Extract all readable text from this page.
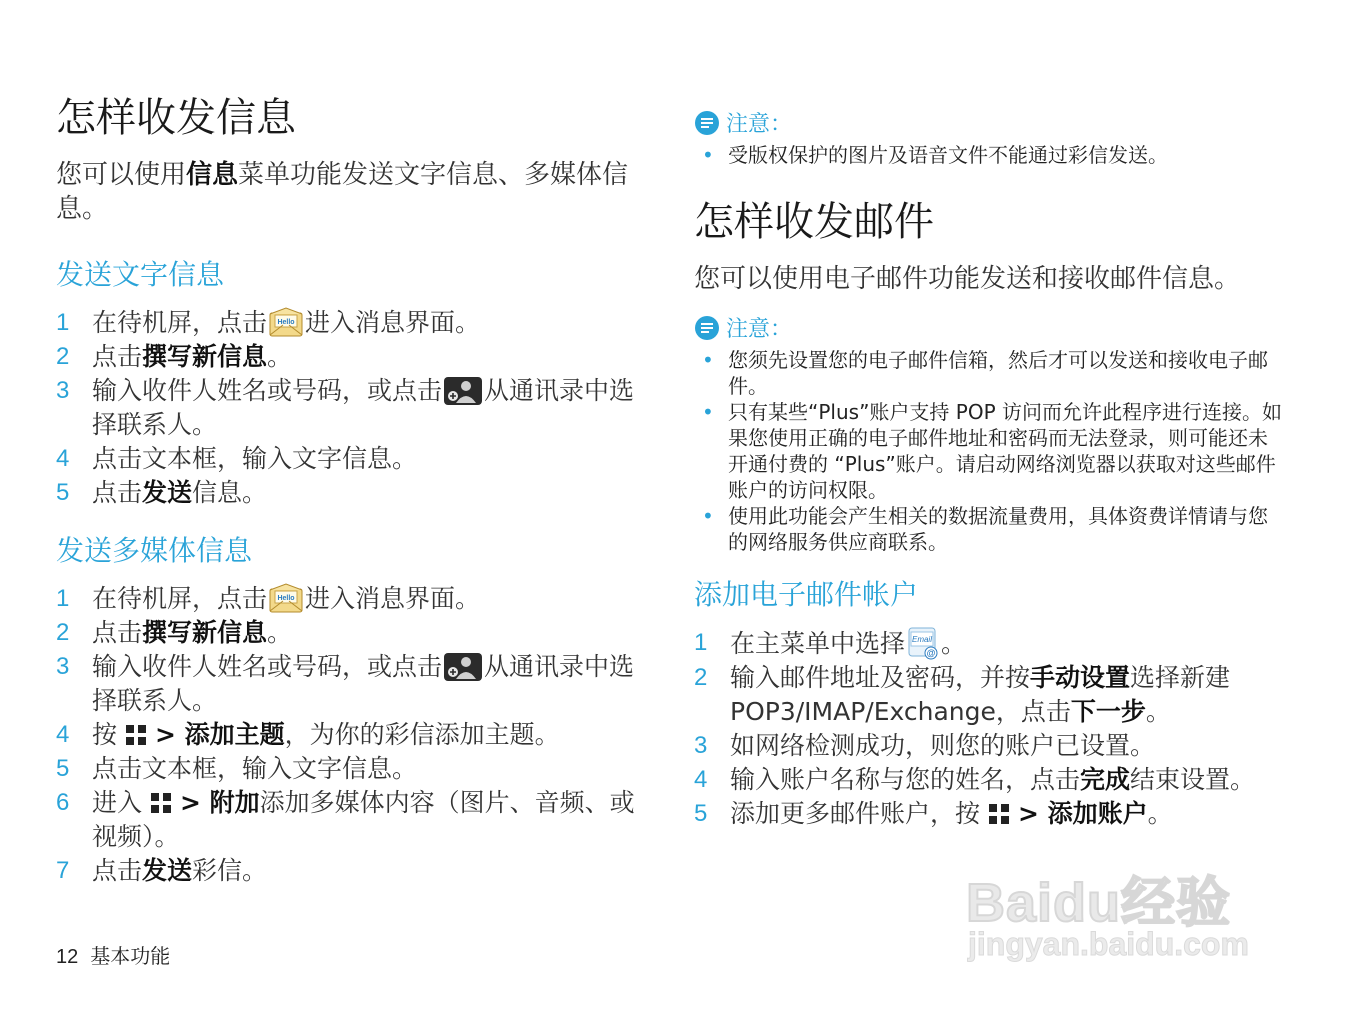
怎样收发信息
您可以使用信息菜单功能发送文字信息、多媒体信息。
发送文字信息
1 在待机屏，点击 Hello 进入消息界面。
2 点击撰写新信息。
3 输入收件人姓名或号码，或点击 从通讯录中选择联系人。
4 点击文本框，输入文字信息。
5 点击发送信息。
发送多媒体信息
1 在待机屏，点击 Hello 进入消息界面。
2 点击撰写新信息。
3 输入收件人姓名或号码，或点击 从通讯录中选择联系人。
4 按 > 添加主题，为你的彩信添加主题。
5 点击文本框，输入文字信息。
6 进入 > 附加添加多媒体内容（图片、音频、或视频）。
7 点击发送彩信。
注意：
• 受版权保护的图片及语音文件不能通过彩信发送。
怎样收发邮件
您可以使用电子邮件功能发送和接收邮件信息。
注意：
• 您须先设置您的电子邮件信箱，然后才可以发送和接收电子邮件。
• 只有某些“Plus”账户支持 POP 访问而允许此程序进行连接。如果您使用正确的电子邮件地址和密码而无法登录，则可能还未开通付费的 “Plus”账户。请启动网络浏览器以获取对这些邮件账户的访问权限。
• 使用此功能会产生相关的数据流量费用，具体资费详情请与您的网络服务供应商联系。
添加电子邮件帐户
1 在主菜单中选择 Email
@ 。
2 输入邮件地址及密码，并按手动设置选择新建POP3/IMAP/Exchange，点击下一步。
3 如网络检测成功，则您的账户已设置。
4 输入账户名称与您的姓名，点击完成结束设置。
5 添加更多邮件账户，按 > 添加账户。
12 基本功能
Baidu经验
jingyan.baidu.com
